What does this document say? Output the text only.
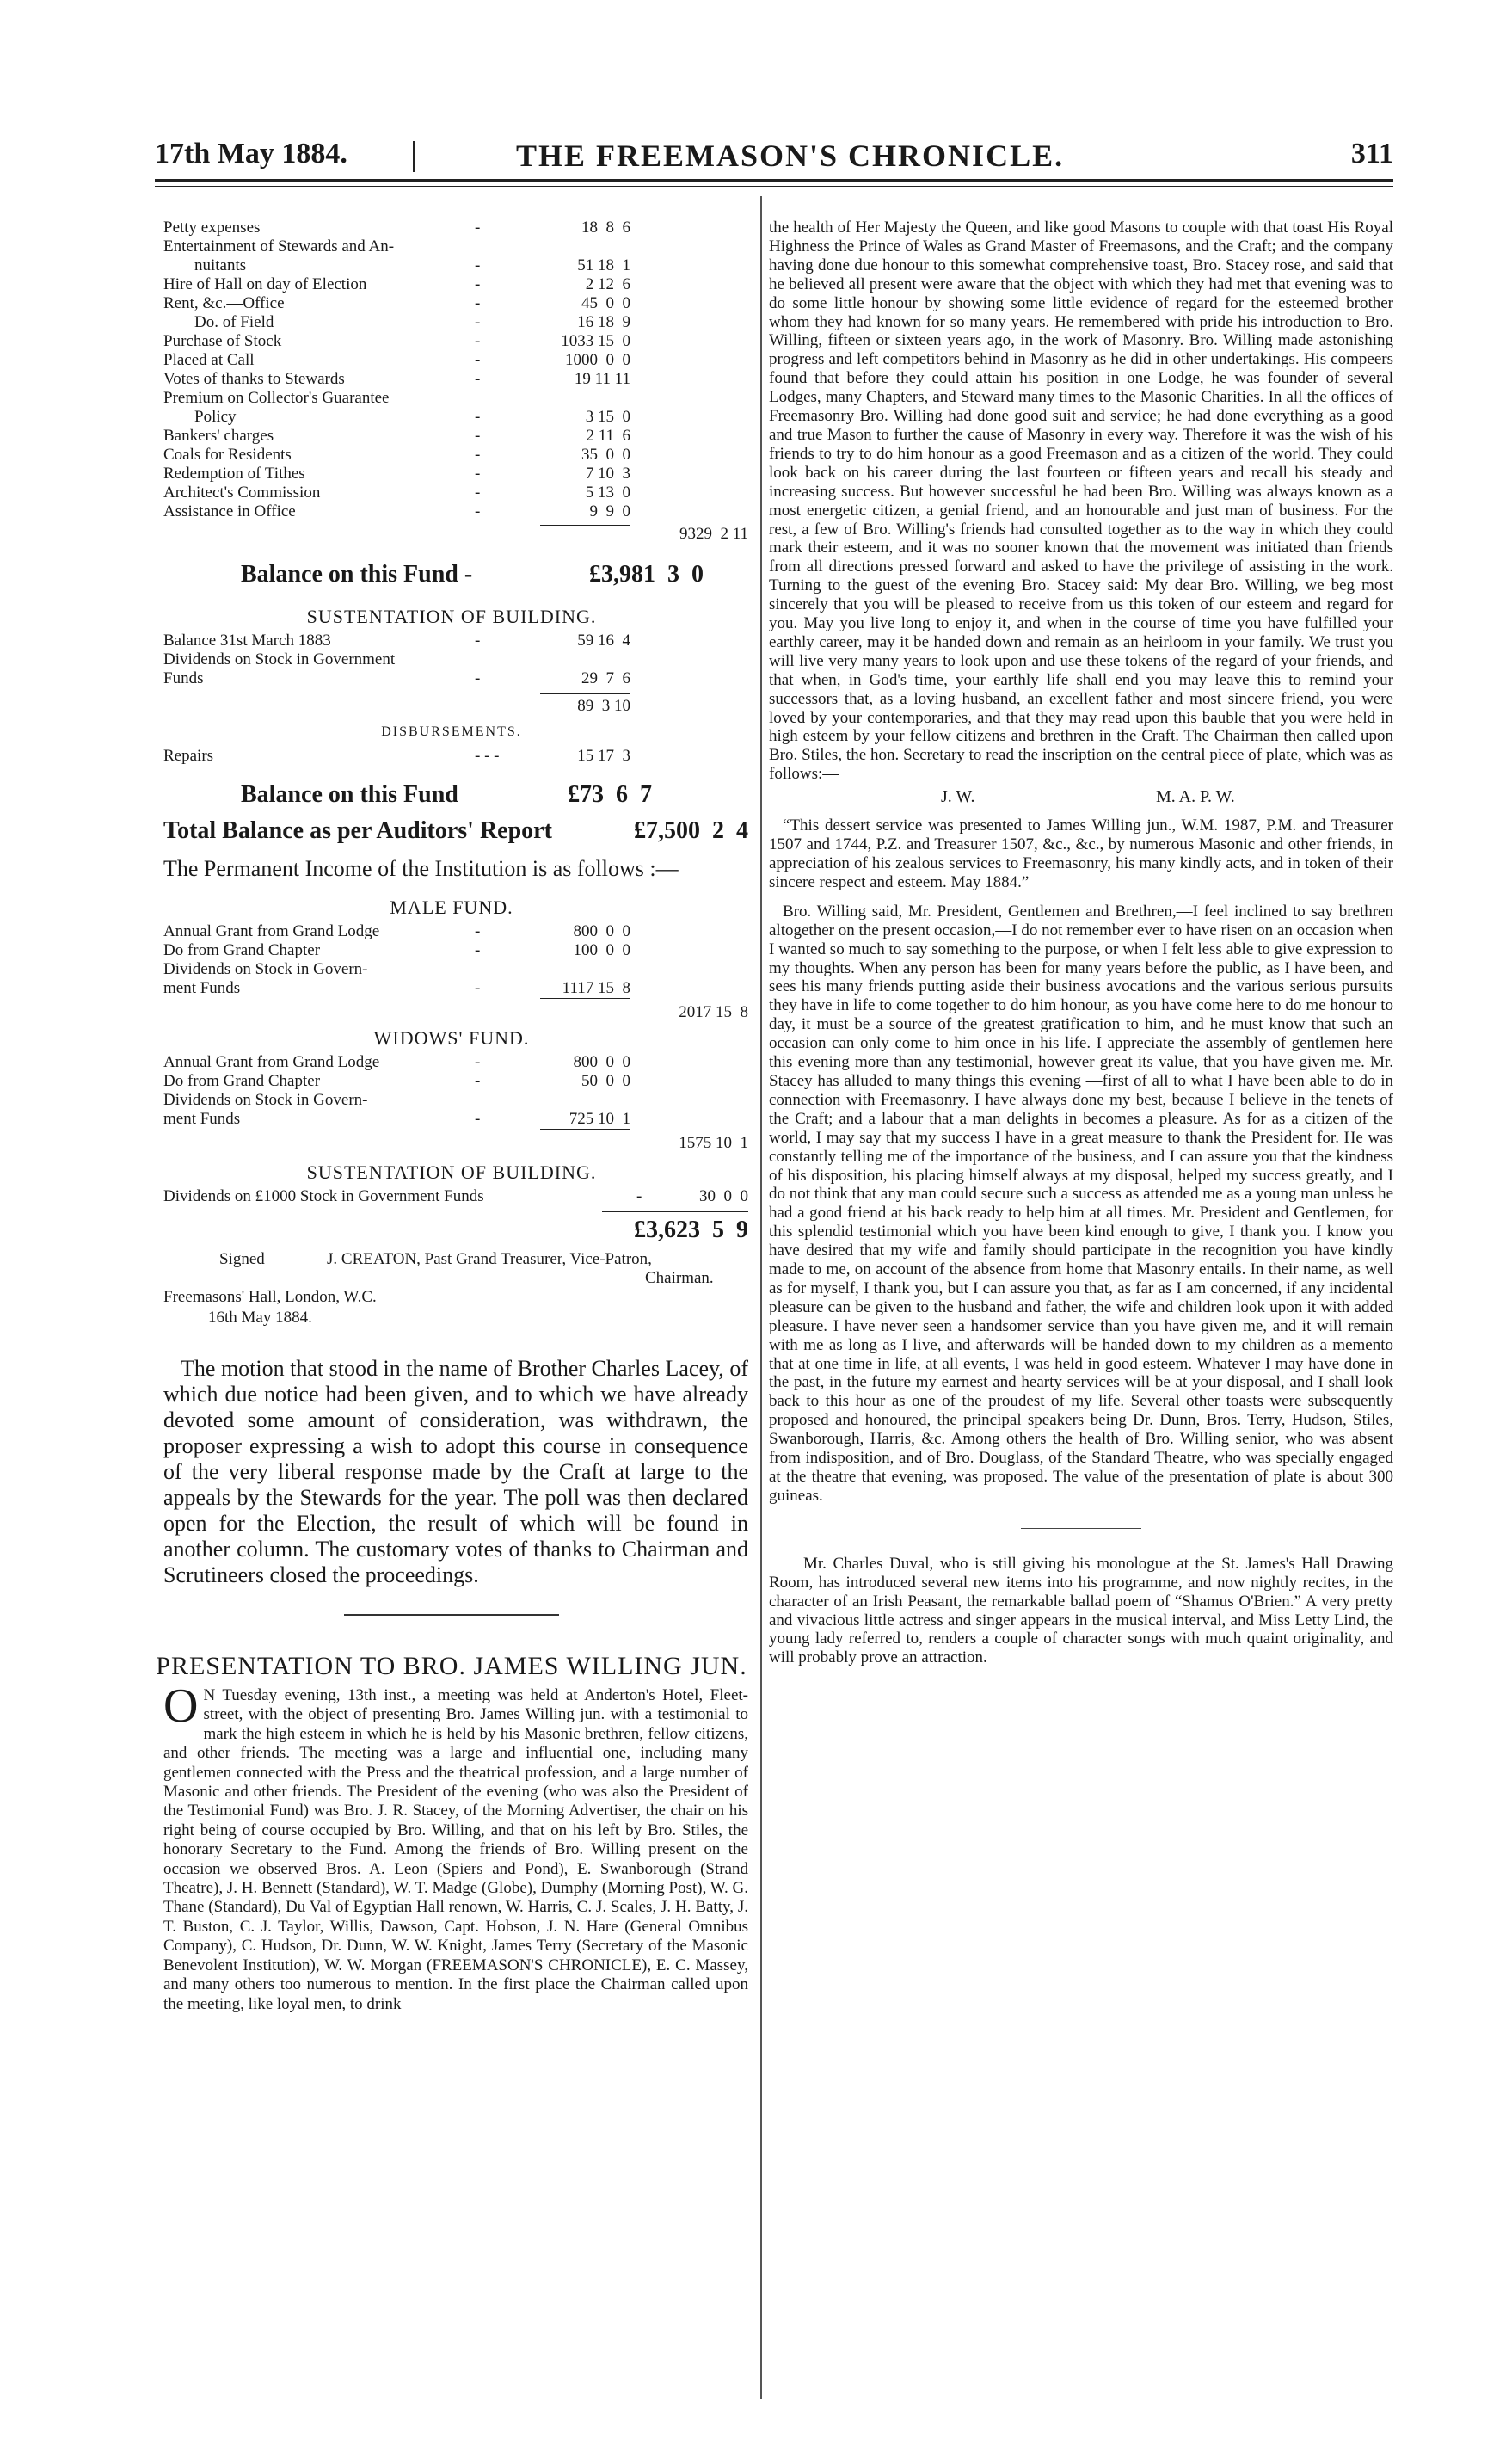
17th May 1884.	THE FREEMASON'S CHRONICLE.	311
Petty expenses	-	18  8  6
Entertainment of Stewards and An-
nuitants	-	51 18  1
Hire of Hall on day of Election	-	2 12  6
Rent, &c.—Office	-	45  0  0
Do. of Field	-	16 18  9
Purchase of Stock	-	1033 15  0
Placed at Call	-	1000  0  0
Votes of thanks to Stewards	-	19 11 11
Premium on Collector's Guarantee
Policy	-	3 15  0
Bankers' charges	-	2 11  6
Coals for Residents	-	35  0  0
Redemption of Tithes	-	7 10  3
Architect's Commission	-	5 13  0
Assistance in Office	-	9  9  0
9329  2 11
Balance on this Fund -	£3,981  3  0
SUSTENTATION OF BUILDING.
Balance 31st March 1883	-	59 16  4
Dividends on Stock in Government
Funds	-	29  7  6
89  3 10
DISBURSEMENTS.
Repairs	- - -	15 17  3
Balance on this Fund	£73  6  7
Total Balance as per Auditors' Report	£7,500  2  4
The Permanent Income of the Institution is as follows :—
MALE FUND.
Annual Grant from Grand Lodge	-	800  0  0
Do from Grand Chapter	-	100  0  0
Dividends on Stock in Govern-
ment Funds	-	1117 15  8
2017 15  8
WIDOWS' FUND.
Annual Grant from Grand Lodge	-	800  0  0
Do from Grand Chapter	-	50  0  0
Dividends on Stock in Govern-
ment Funds	-	725 10  1
1575 10  1
SUSTENTATION OF BUILDING.
Dividends on £1000 Stock in Government Funds	-	30  0  0
£3,623  5  9
Signed	J. CREATON, Past Grand Treasurer, Vice-Patron,
Chairman.
Freemasons' Hall, London, W.C.
16th May 1884.
The motion that stood in the name of Brother Charles Lacey, of which due notice had been given, and to which we have already devoted some amount of consideration, was withdrawn, the proposer expressing a wish to adopt this course in consequence of the very liberal response made by the Craft at large to the appeals by the Stewards for the year. The poll was then declared open for the Election, the result of which will be found in another column. The customary votes of thanks to Chairman and Scrutineers closed the proceedings.
PRESENTATION TO BRO. JAMES WILLING JUN.
O N Tuesday evening, 13th inst., a meeting was held at Anderton's Hotel, Fleet-street, with the object of presenting Bro. James Willing jun. with a testimonial to mark the high esteem in which he is held by his Masonic brethren, fellow citizens, and other friends. The meeting was a large and influential one, including many gentlemen connected with the Press and the theatrical profession, and a large number of Masonic and other friends. The President of the evening (who was also the President of the Testimonial Fund) was Bro. J. R. Stacey, of the Morning Advertiser, the chair on his right being of course occupied by Bro. Willing, and that on his left by Bro. Stiles, the honorary Secretary to the Fund. Among the friends of Bro. Willing present on the occasion we observed Bros. A. Leon (Spiers and Pond), E. Swanborough (Strand Theatre), J. H. Bennett (Standard), W. T. Madge (Globe), Dumphy (Morning Post), W. G. Thane (Standard), Du Val of Egyptian Hall renown, W. Harris, C. J. Scales, J. H. Batty, J. T. Buston, C. J. Taylor, Willis, Dawson, Capt. Hobson, J. N. Hare (General Omnibus Company), C. Hudson, Dr. Dunn, W. W. Knight, James Terry (Secretary of the Masonic Benevolent Institution), W. W. Morgan (FREEMASON'S CHRONICLE), E. C. Massey, and many others too numerous to mention. In the first place the Chairman called upon the meeting, like loyal men, to drink

the health of Her Majesty the Queen, and like good Masons to couple with that toast His Royal Highness the Prince of Wales as Grand Master of Freemasons, and the Craft; and the company having done due honour to this somewhat comprehensive toast, Bro. Stacey rose, and said that he believed all present were aware that the object with which they had met that evening was to do some little honour by showing some little evidence of regard for the esteemed brother whom they had known for so many years. He remembered with pride his introduction to Bro. Willing, fifteen or sixteen years ago, in the work of Masonry. Bro. Willing made astonishing progress and left competitors behind in Masonry as he did in other undertakings. His compeers found that before they could attain his position in one Lodge, he was founder of several Lodges, many Chapters, and Steward many times to the Masonic Charities. In all the offices of Freemasonry Bro. Willing had done good suit and service; he had done everything as a good and true Mason to further the cause of Masonry in every way. Therefore it was the wish of his friends to try to do him honour as a good Freemason and as a citizen of the world. They could look back on his career during the last fourteen or fifteen years and recall his steady and increasing success. But however successful he had been Bro. Willing was always known as a most energetic citizen, a genial friend, and an honourable and just man of business. For the rest, a few of Bro. Willing's friends had consulted together as to the way in which they could mark their esteem, and it was no sooner known that the movement was initiated than friends from all directions pressed forward and asked to have the privilege of assisting in the work. Turning to the guest of the evening Bro. Stacey said: My dear Bro. Willing, we beg most sincerely that you will be pleased to receive from us this token of our esteem and regard for you. May you live long to enjoy it, and when in the course of time you have fulfilled your earthly career, may it be handed down and remain as an heirloom in your family. We trust you will live very many years to look upon and use these tokens of the regard of your friends, and that when, in God's time, your earthly life shall end you may leave this to remind your successors that, as a loving husband, an excellent father and most sincere friend, you were loved by your contemporaries, and that they may read upon this bauble that you were held in high esteem by your fellow citizens and brethren in the Craft. The Chairman then called upon Bro. Stiles, the hon. Secretary to read the inscription on the central piece of plate, which was as follows:—

J. W.	M. A. P. W.
“This dessert service was presented to James Willing jun., W.M. 1987, P.M. and Treasurer 1507 and 1744, P.Z. and Treasurer 1507, &c., &c., by numerous Masonic and other friends, in appreciation of his zealous services to Freemasonry, his many kindly acts, and in token of their sincere respect and esteem. May 1884.”
Bro. Willing said, Mr. President, Gentlemen and Brethren,—I feel inclined to say brethren altogether on the present occasion,—I do not remember ever to have risen on an occasion when I wanted so much to say something to the purpose, or when I felt less able to give expression to my thoughts. When any person has been for many years before the public, as I have been, and sees his many friends putting aside their business avocations and the various serious pursuits they have in life to come together to do him honour, as you have come here to do me honour to day, it must be a source of the greatest gratification to him, and he must know that such an occasion can only come to him once in his life. I appreciate the assembly of gentlemen here this evening more than any testimonial, however great its value, that you have given me. Mr. Stacey has alluded to many things this evening —first of all to what I have been able to do in connection with Freemasonry. I have always done my best, because I believe in the tenets of the Craft; and a labour that a man delights in becomes a pleasure. As for as a citizen of the world, I may say that my success I have in a great measure to thank the President for. He was constantly telling me of the importance of the business, and I can assure you that the kindness of his disposition, his placing himself always at my disposal, helped my success greatly, and I do not think that any man could secure such a success as attended me as a young man unless he had a good friend at his back ready to help him at all times. Mr. President and Gentlemen, for this splendid testimonial which you have been kind enough to give, I thank you. I know you have desired that my wife and family should participate in the recognition you have kindly made to me, on account of the absence from home that Masonry entails. In their name, as well as for myself, I thank you, but I can assure you that, as far as I am concerned, if any incidental pleasure can be given to the husband and father, the wife and children look upon it with added pleasure. I have never seen a handsomer service than you have given me, and it will remain with me as long as I live, and afterwards will be handed down to my children as a memento that at one time in life, at all events, I was held in good esteem. Whatever I may have done in the past, in the future my earnest and hearty services will be at your disposal, and I shall look back to this hour as one of the proudest of my life. Several other toasts were subsequently proposed and honoured, the principal speakers being Dr. Dunn, Bros. Terry, Hudson, Stiles, Swanborough, Harris, &c. Among others the health of Bro. Willing senior, who was absent from indisposition, and of Bro. Douglass, of the Standard Theatre, who was specially engaged at the theatre that evening, was proposed. The value of the presentation of plate is about 300 guineas.
Mr. Charles Duval, who is still giving his monologue at the St. James's Hall Drawing Room, has introduced several new items into his programme, and now nightly recites, in the character of an Irish Peasant, the remarkable ballad poem of “Shamus O'Brien.” A very pretty and vivacious little actress and singer appears in the musical interval, and Miss Letty Lind, the young lady referred to, renders a couple of character songs with much quaint originality, and will probably prove an attraction.
